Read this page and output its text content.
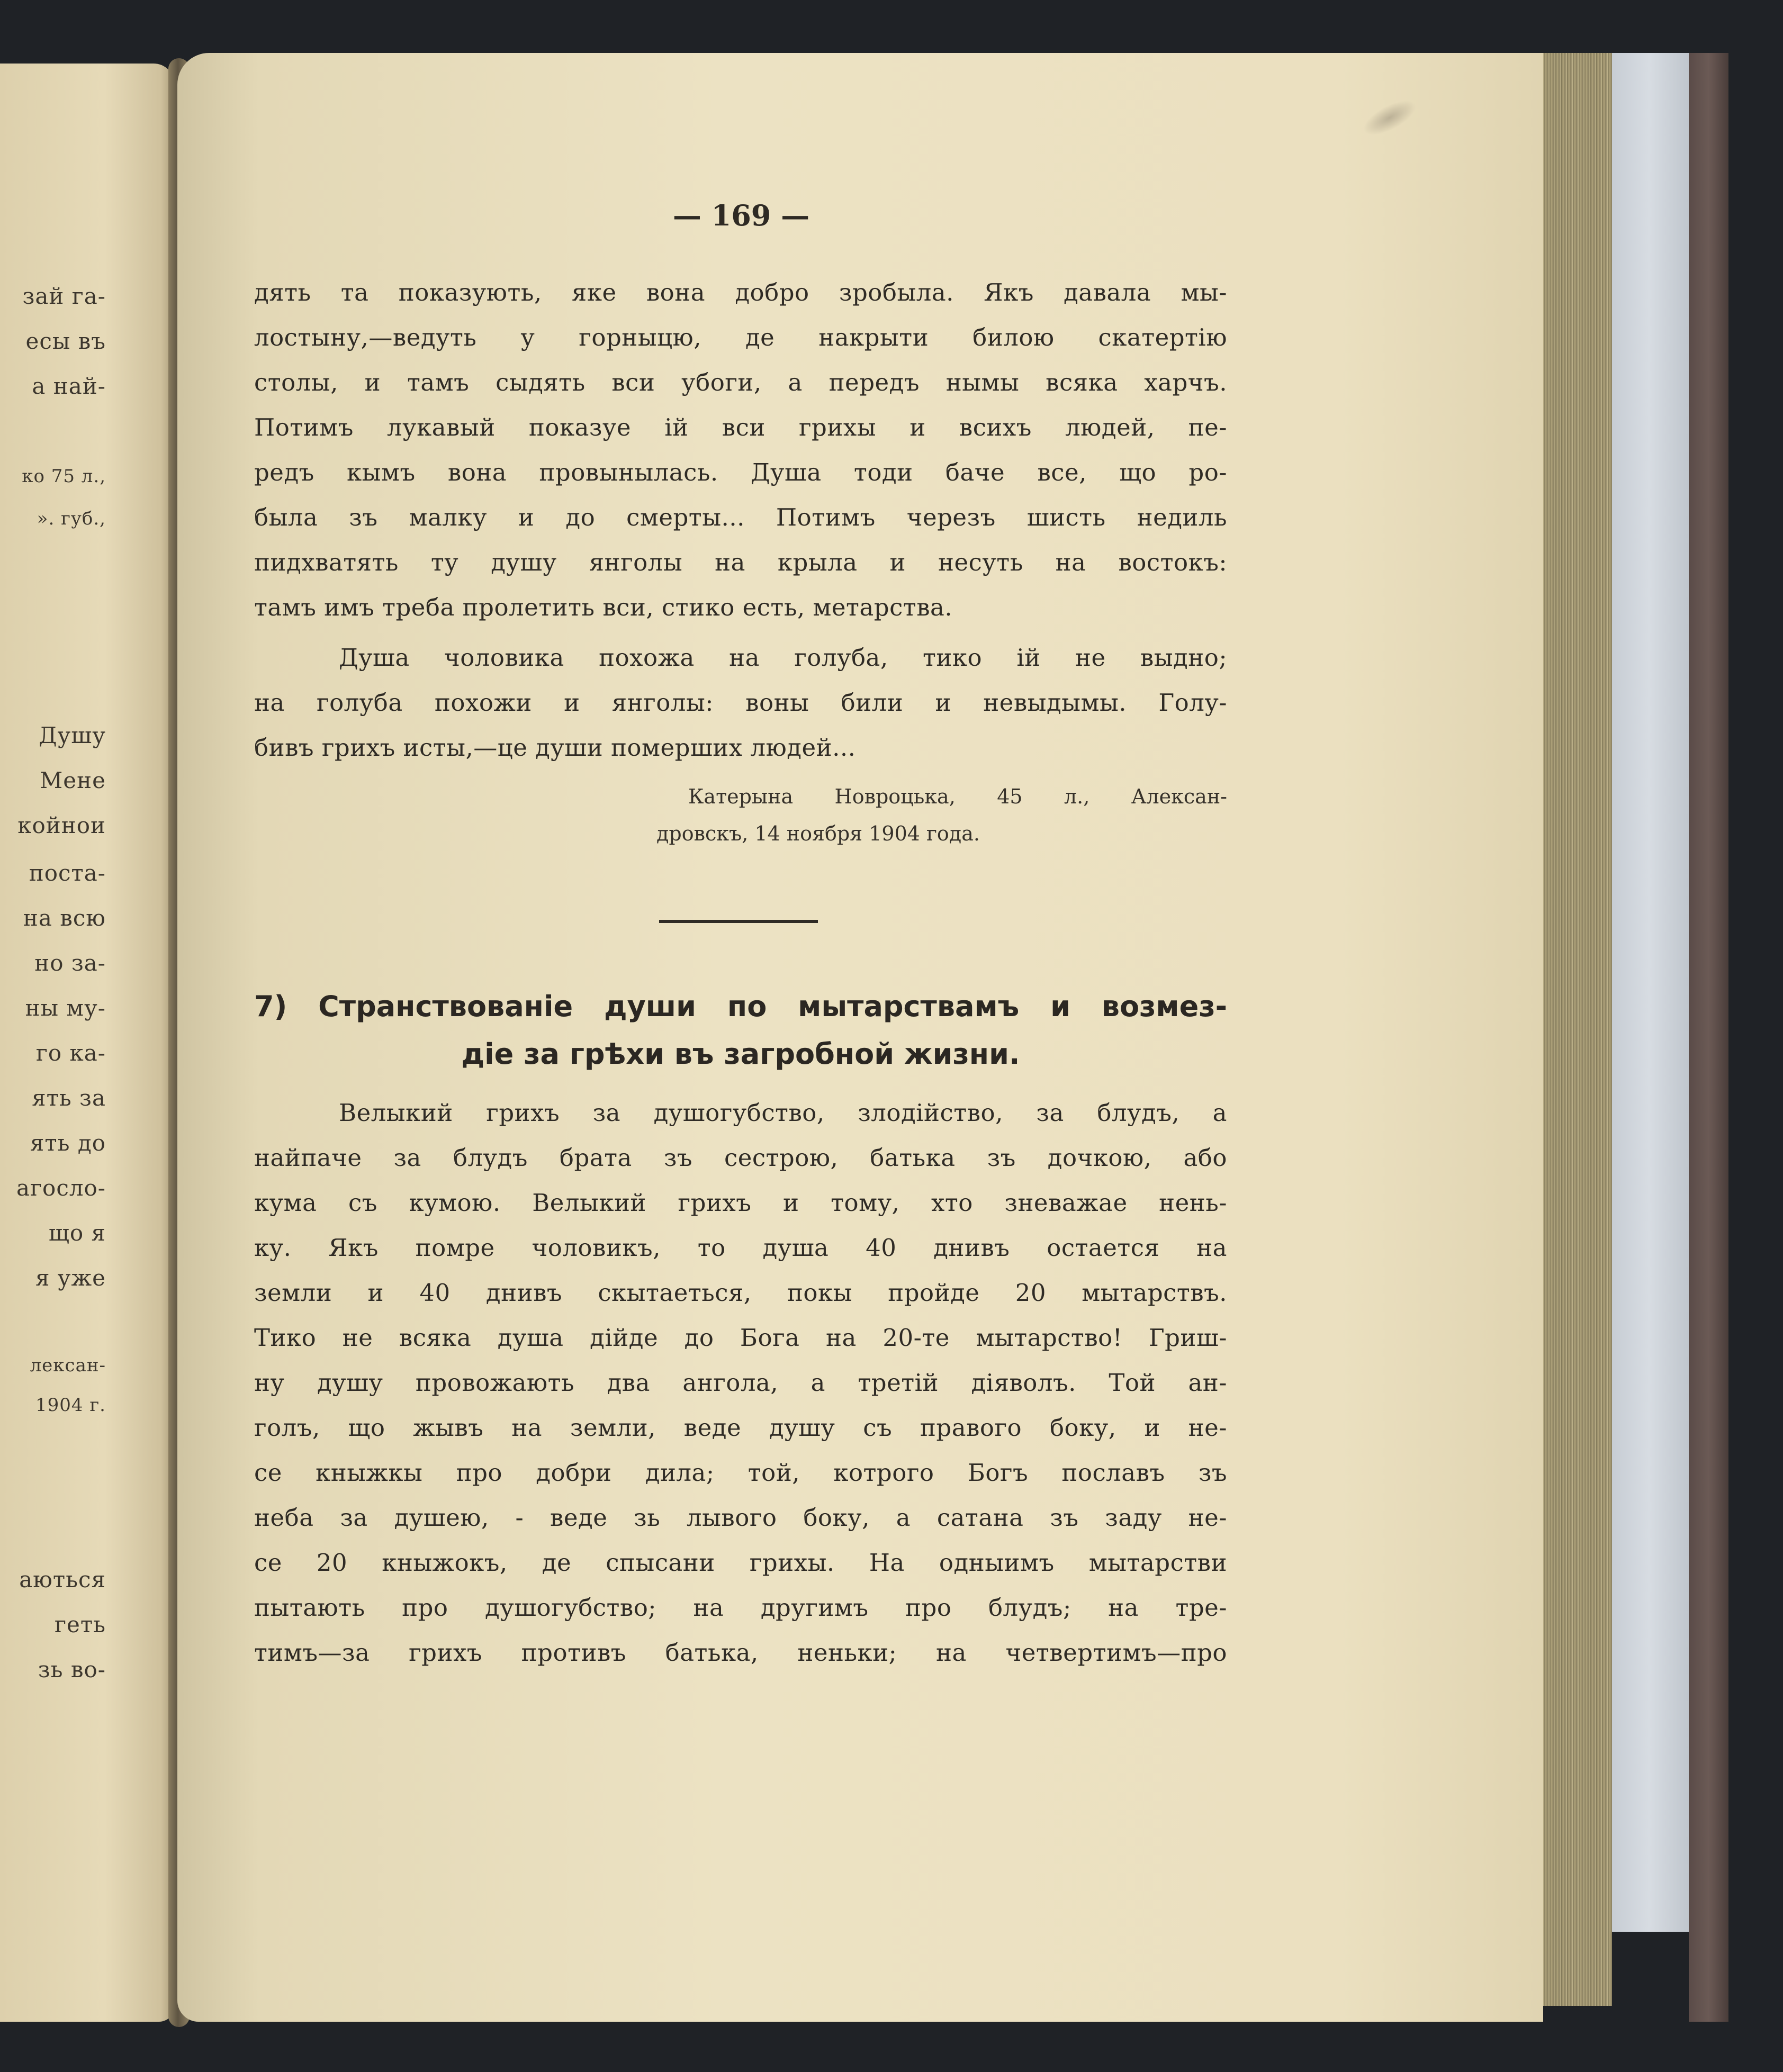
зай га-
есы въ
а най-
ко 75 л.,
». губ.,
Душу
Мене
койнои
поста-
на всю
но за-
ны му-
го ка-
ять за
ять до
агосло-
що я
я уже
лексан-
1904 г.
аються
геть
зь во-
— 169 —
дять та показують, яке вона добро зробыла. Якъ давала мы-
лостыну,—ведуть у горныцю, де накрыти билою скатертію
столы, и тамъ сыдять вси убоги, а передъ нымы всяка харчъ.
Потимъ лукавый показуе ій вси грихы и всихъ людей, пе-
редъ кымъ вона провынылась. Душа тоди баче все, що ро-
была зъ малку и до смерты... Потимъ черезъ шисть недиль
пидхватять ту душу янголы на крыла и несуть на востокъ:
тамъ имъ треба пролетить вси, стико есть, метарства.
Душа чоловика похожа на голуба, тико ій не выдно;
на голуба похожи и янголы: воны били и невыдымы. Голу-
бивъ грихъ исты,—це души померших людей...
Катерына Новроцька, 45 л., Алексан-
дровскъ, 14 ноября 1904 года.
7) Странствованіе души по мытарствамъ и возмез-
діе за грѣхи въ загробной жизни.
Велыкий грихъ за душогубство, злодійство, за блудъ, а
найпаче за блудъ брата зъ сестрою, батька зъ дочкою, або
кума съ кумою. Велыкий грихъ и тому, хто зневажае нень-
ку. Якъ помре чоловикъ, то душа 40 днивъ остается на
земли и 40 днивъ скытаеться, покы пройде 20 мытарствъ.
Тико не всяка душа дійде до Бога на 20-те мытарство! Гриш-
ну душу провожають два ангола, а третій діяволъ. Той ан-
голъ, що жывъ на земли, веде душу съ правого боку, и не-
се кныжкы про добри дила; той, котрого Богъ пославъ зъ
неба за душею, - веде зь лывого боку, а сатана зъ заду не-
се 20 кныжокъ, де спысани грихы. На одныимъ мытарстви
пытають про душогубство; на другимъ про блудъ; на тре-
тимъ—за грихъ противъ батька, неньки; на четвертимъ—про
